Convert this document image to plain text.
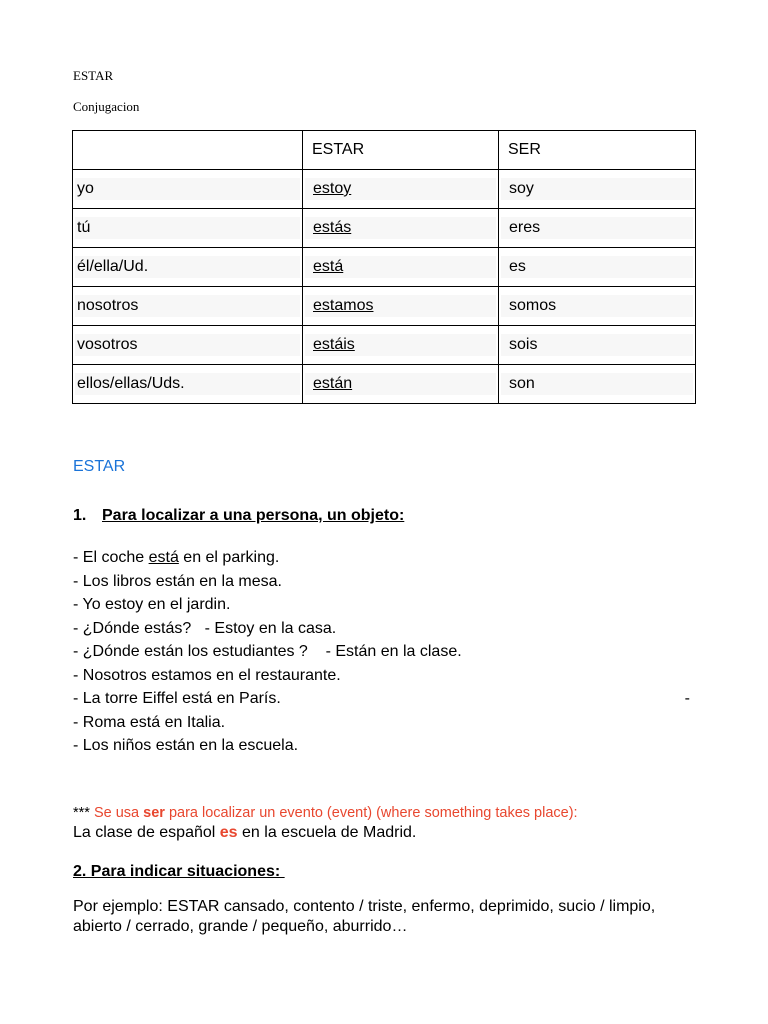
ESTAR
Conjugacion

	ESTAR	SER

yo	estoy	soy

tú	estás	eres

él/ella/Ud.	está	es

nosotros	estamos	somos

vosotros	estáis	sois

ellos/ellas/Uds.	están	son
ESTAR
1. Para localizar a una persona, un objeto:
- El coche está en el parking.
- Los libros están en la mesa.
- Yo estoy en el jardin.
- ¿Dónde estás?   - Estoy en la casa.
- ¿Dónde están los estudiantes ?    - Están en la clase.
- Nosotros estamos en el restaurante.
- La torre Eiffel está en París.	-
- Roma está en Italia.
- Los niños están en la escuela.
*** Se usa ser para localizar un evento (event) (where something takes place):
La clase de español es en la escuela de Madrid.
2. Para indicar situaciones:
Por ejemplo: ESTAR cansado, contento / triste, enfermo, deprimido, sucio / limpio, abierto / cerrado, grande / pequeño, aburrido…
